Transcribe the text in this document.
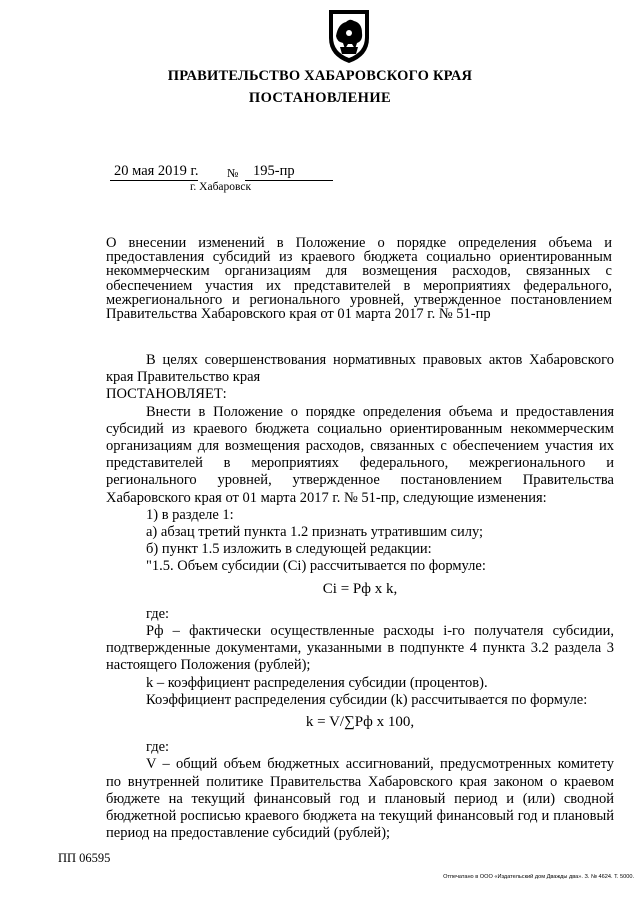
ПРАВИТЕЛЬСТВО ХАБАРОВСКОГО КРАЯ
ПОСТАНОВЛЕНИЕ
20 мая 2019 г. № 195-пр
г. Хабаровск
О внесении изменений в Положение о порядке определения объема и предоставления субсидий из краевого бюджета социально ориентированным некоммерческим организациям для возмещения расходов, связанных с обеспечением участия их представителей в мероприятиях федерального, межрегионального и регионального уровней, утвержденное постановлением Правительства Хабаровского края от 01 марта 2017 г. № 51-пр

В целях совершенствования нормативных правовых актов Хабаровского края Правительство края

ПОСТАНОВЛЯЕТ:

Внести в Положение о порядке определения объема и предоставления субсидий из краевого бюджета социально ориентированным некоммерческим организациям для возмещения расходов, связанных с обеспечением участия их представителей в мероприятиях федерального, межрегионального и регионального уровней, утвержденное постановлением Правительства Хабаровского края от 01 марта 2017 г. № 51-пр, следующие изменения:

1) в разделе 1:

а) абзац третий пункта 1.2 признать утратившим силу;

б) пункт 1.5 изложить в следующей редакции:

"1.5. Объем субсидии (Ci) рассчитывается по формуле:

Ci = Рф х k,

где:

Рф – фактически осуществленные расходы i-го получателя субсидии, подтвержденные документами, указанными в подпункте 4 пункта 3.2 раздела 3 настоящего Положения (рублей);

k – коэффициент распределения субсидии (процентов).

Коэффициент распределения субсидии (k) рассчитывается по формуле:

k = V/∑Рф х 100,

где:

V – общий объем бюджетных ассигнований, предусмотренных комитету по внутренней политике Правительства Хабаровского края законом о краевом бюджете на текущий финансовый год и плановый период и (или) сводной бюджетной росписью краевого бюджета на текущий финансовый год и плановый период на предоставление субсидий (рублей);

ПП 06595
Отпечатано в ООО «Издательский дом Дважды два». З. № 4624. Т. 5000.
